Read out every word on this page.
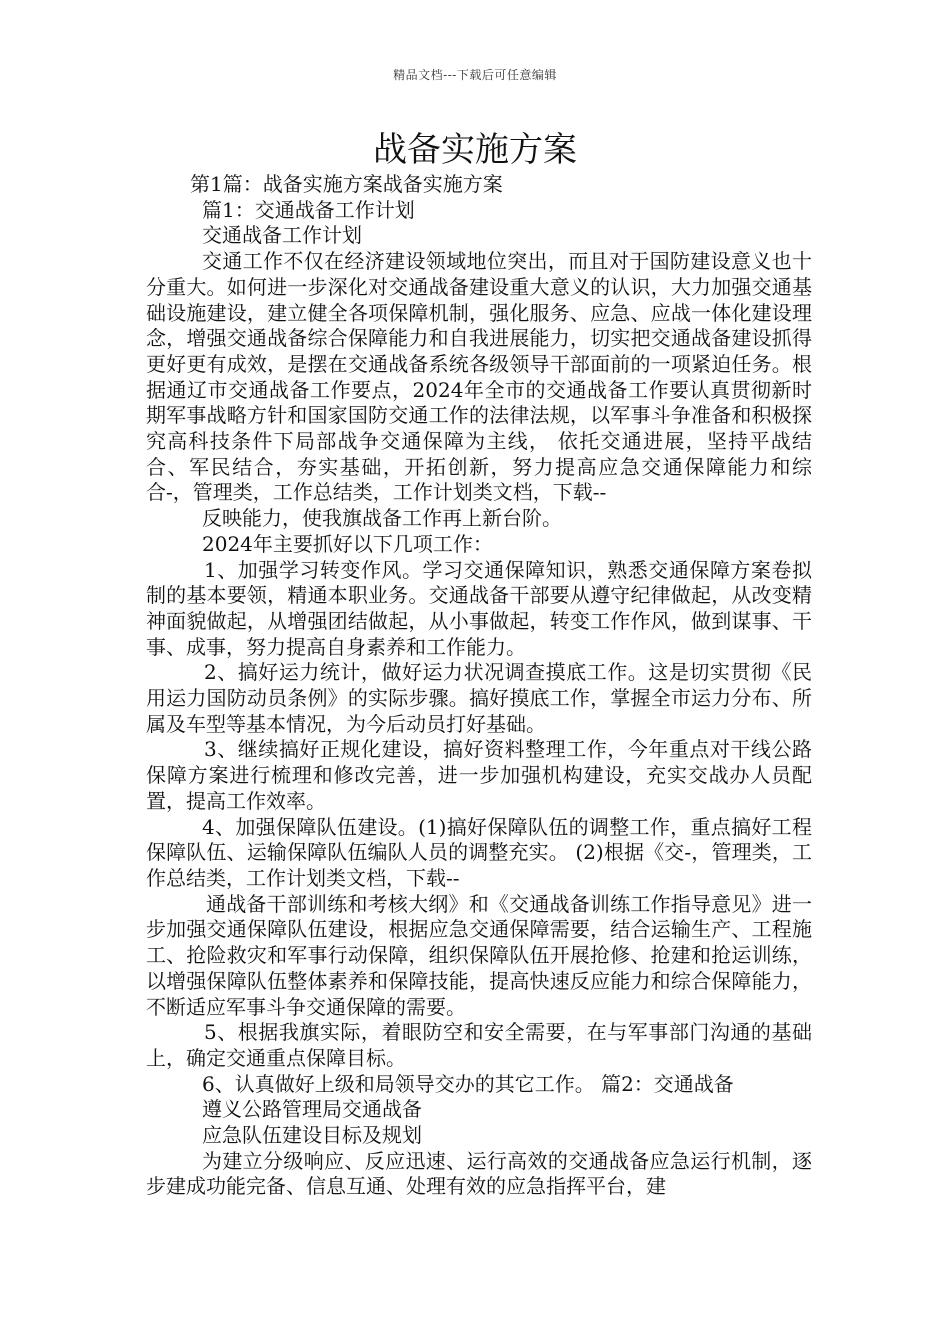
精品文档---下载后可任意编辑
战备实施方案

第1篇：战备实施方案战备实施方案

篇1：交通战备工作计划

交通战备工作计划

交通工作不仅在经济建设领域地位突出，而且对于国防建设意义也十分重大。如何进一步深化对交通战备建设重大意义的认识，大力加强交通基础设施建设，建立健全各项保障机制，强化服务、应急、应战一体化建设理念，增强交通战备综合保障能力和自我进展能力，切实把交通战备建设抓得更好更有成效，是摆在交通战备系统各级领导干部面前的一项紧迫任务。根据通辽市交通战备工作要点，2024年全市的交通战备工作要认真贯彻新时期军事战略方针和国家国防交通工作的法律法规，以军事斗争准备和积极探究高科技条件下局部战争交通保障为主线， 依托交通进展，坚持平战结合、军民结合，夯实基础，开拓创新，努力提高应急交通保障能力和综合-，管理类，工作总结类，工作计划类文档，下载--

反映能力，使我旗战备工作再上新台阶。

2024年主要抓好以下几项工作：

1、加强学习转变作风。学习交通保障知识，熟悉交通保障方案卷拟制的基本要领，精通本职业务。交通战备干部要从遵守纪律做起，从改变精神面貌做起，从增强团结做起，从小事做起，转变工作作风，做到谋事、干事、成事，努力提高自身素养和工作能力。

2、搞好运力统计，做好运力状况调查摸底工作。这是切实贯彻《民用运力国防动员条例》的实际步骤。搞好摸底工作，掌握全市运力分布、所属及车型等基本情况，为今后动员打好基础。

3、继续搞好正规化建设，搞好资料整理工作，今年重点对干线公路保障方案进行梳理和修改完善，进一步加强机构建设，充实交战办人员配置，提高工作效率。

4、加强保障队伍建设。(1)搞好保障队伍的调整工作，重点搞好工程保障队伍、运输保障队伍编队人员的调整充实。 (2)根据《交-，管理类，工作总结类，工作计划类文档，下载--

通战备干部训练和考核大纲》和《交通战备训练工作指导意见》进一步加强交通保障队伍建设，根据应急交通保障需要，结合运输生产、工程施工、抢险救灾和军事行动保障，组织保障队伍开展抢修、抢建和抢运训练，以增强保障队伍整体素养和保障技能，提高快速反应能力和综合保障能力，不断适应军事斗争交通保障的需要。

5、根据我旗实际，着眼防空和安全需要，在与军事部门沟通的基础上，确定交通重点保障目标。

6、认真做好上级和局领导交办的其它工作。 篇2：交通战备

遵义公路管理局交通战备

应急队伍建设目标及规划

为建立分级响应、反应迅速、运行高效的交通战备应急运行机制，逐步建成功能完备、信息互通、处理有效的应急指挥平台，建
